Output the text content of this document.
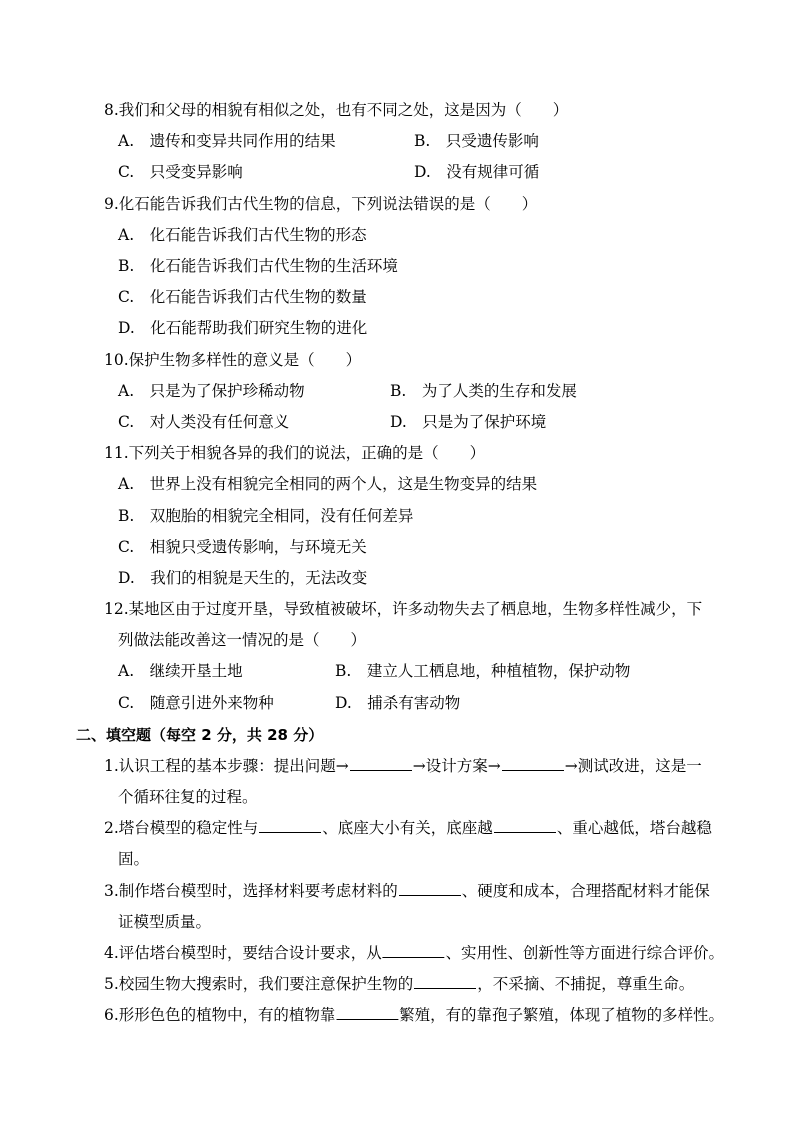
8.我们和父母的相貌有相似之处，也有不同之处，这是因为（　　）
A.　遗传和变异共同作用的结果	B.　只受遗传影响
C.　只受变异影响	D.　没有规律可循
9.化石能告诉我们古代生物的信息，下列说法错误的是（　　）
A.　化石能告诉我们古代生物的形态
B.　化石能告诉我们古代生物的生活环境
C.　化石能告诉我们古代生物的数量
D.　化石能帮助我们研究生物的进化
10.保护生物多样性的意义是（　　）
A.　只是为了保护珍稀动物	B.　为了人类的生存和发展
C.　对人类没有任何意义	D.　只是为了保护环境
11.下列关于相貌各异的我们的说法，正确的是（　　）
A.　世界上没有相貌完全相同的两个人，这是生物变异的结果
B.　双胞胎的相貌完全相同，没有任何差异
C.　相貌只受遗传影响，与环境无关
D.　我们的相貌是天生的，无法改变
12.某地区由于过度开垦，导致植被破坏，许多动物失去了栖息地，生物多样性减少，下
列做法能改善这一情况的是（　　）
A.　继续开垦土地	B.　建立人工栖息地，种植植物，保护动物
C.　随意引进外来物种	D.　捕杀有害动物
二、填空题（每空 2 分，共 28 分）
1.认识工程的基本步骤：提出问题→	→设计方案→	→测试改进，这是一
个循环往复的过程。
2.塔台模型的稳定性与	、底座大小有关，底座越	、重心越低，塔台越稳
固。
3.制作塔台模型时，选择材料要考虑材料的	、硬度和成本，合理搭配材料才能保
证模型质量。
4.评估塔台模型时，要结合设计要求，从	、实用性、创新性等方面进行综合评价。
5.校园生物大搜索时，我们要注意保护生物的	，不采摘、不捕捉，尊重生命。
6.形形色色的植物中，有的植物靠	繁殖，有的靠孢子繁殖，体现了植物的多样性。
